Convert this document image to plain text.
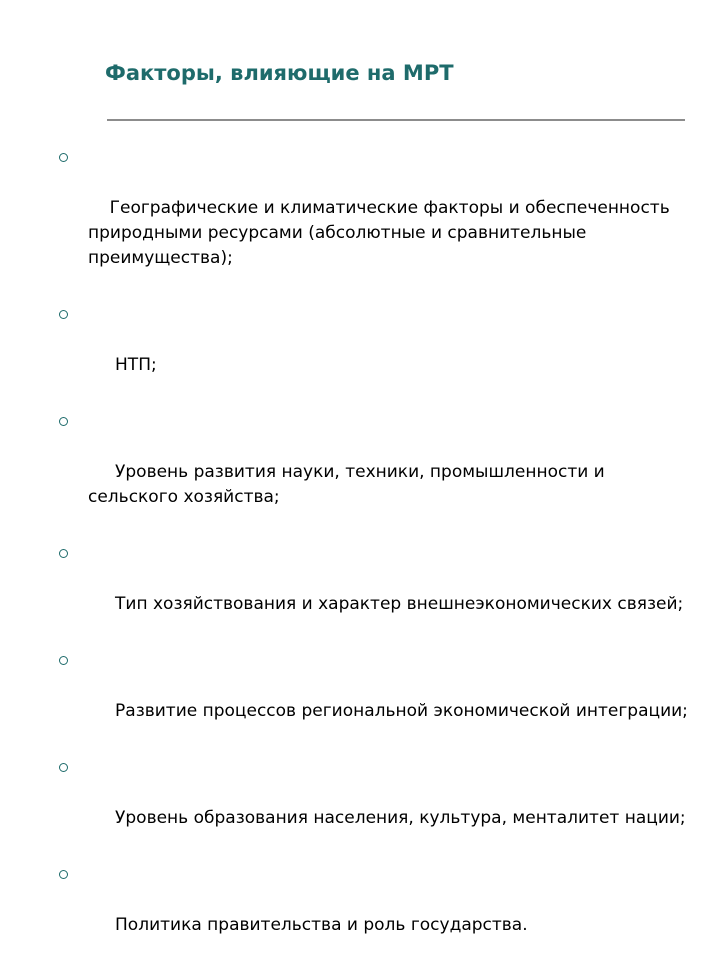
Факторы, влияющие на МРТ

Географические и климатические факторы и обеспеченность природными ресурсами (абсолютные и сравнительные преимущества);

НТП;

Уровень развития науки, техники, промышленности и сельского хозяйства;

Тип хозяйствования и характер внешнеэкономических связей;

Развитие процессов региональной экономической интеграции;

Уровень образования населения, культура, менталитет нации;

Политика правительства и роль государства.
